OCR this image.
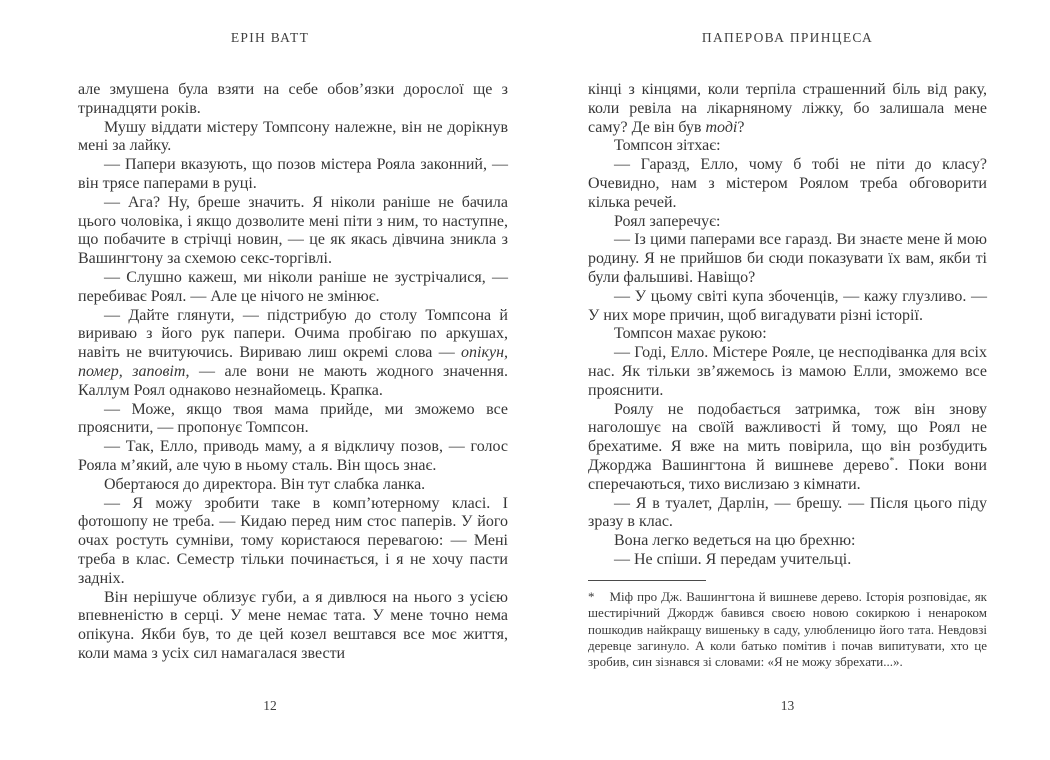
ЕРІН ВАТТ

але змушена була взяти на себе обов’язки дорослої ще з тринадцяти років.

Мушу віддати містеру Томпсону належне, він не дорікнув мені за лайку.

— Папери вказують, що позов містера Рояла законний, — він трясе паперами в руці.

— Ага? Ну, бреше значить. Я ніколи раніше не бачила цього чоловіка, і якщо дозволите мені піти з ним, то наступне, що побачите в стрічці новин, — це як якась дівчина зникла з Вашингтону за схемою секс-торгівлі.

— Слушно кажеш, ми ніколи раніше не зустрічалися, — перебиває Роял. — Але це нічого не змінює.

— Дайте глянути, — підстрибую до столу Томпсона й вириваю з його рук папери. Очима пробігаю по аркушах, навіть не вчитуючись. Вириваю лиш окремі слова — опікун, помер, заповіт, — але вони не мають жодного значення. Каллум Роял однаково незнайомець. Крапка.

— Може, якщо твоя мама прийде, ми зможемо все прояснити, — пропонує Томпсон.

— Так, Елло, приводь маму, а я відкличу позов, — голос Рояла м’який, але чую в ньому сталь. Він щось знає.

Обертаюся до директора. Він тут слабка ланка.

— Я можу зробити таке в комп’ютерному класі. І фотошопу не треба. — Кидаю перед ним стос паперів. У його очах ростуть сумніви, тому користаюся перевагою: — Мені треба в клас. Семестр тільки починається, і я не хочу пасти задніх.

Він нерішуче облизує губи, а я дивлюся на нього з усією впевненістю в серці. У мене немає тата. У мене точно нема опікуна. Якби був, то де цей козел вештався все моє життя, коли мама з усіх сил намагалася звести

12
ПАПЕРОВА ПРИНЦЕСА

кінці з кінцями, коли терпіла страшенний біль від раку, коли ревіла на лікарняному ліжку, бо залишала мене саму? Де він був тоді?

Томпсон зітхає:

— Гаразд, Елло, чому б тобі не піти до класу? Очевидно, нам з містером Роялом треба обговорити кілька речей.

Роял заперечує:

— Із цими паперами все гаразд. Ви знаєте мене й мою родину. Я не прийшов би сюди показувати їх вам, якби ті були фальшиві. Навіщо?

— У цьому світі купа збоченців, — кажу глузливо. — У них море причин, щоб вигадувати різні історії.

Томпсон махає рукою:

— Годі, Елло. Містере Рояле, це несподіванка для всіх нас. Як тільки зв’яжемось із мамою Елли, зможемо все прояснити.

Роялу не подобається затримка, тож він знову наголошує на своїй важливості й тому, що Роял не брехатиме. Я вже на мить повірила, що він розбудить Джорджа Вашингтона й вишневе дерево*. Поки вони сперечаються, тихо вислизаю з кімнати.

— Я в туалет, Дарлін, — брешу. — Після цього піду зразу в клас.

Вона легко ведеться на цю брехню:

— Не спіши. Я передам учительці.

* Міф про Дж. Вашингтона й вишневе дерево. Історія розповідає, як шестирічний Джордж бавився своєю новою сокиркою і ненароком пошкодив найкращу вишеньку в саду, улюбленицю його тата. Невдовзі деревце загинуло. А коли батько помітив і почав випитувати, хто це зробив, син зізнався зі словами: «Я не можу збрехати...».

13
